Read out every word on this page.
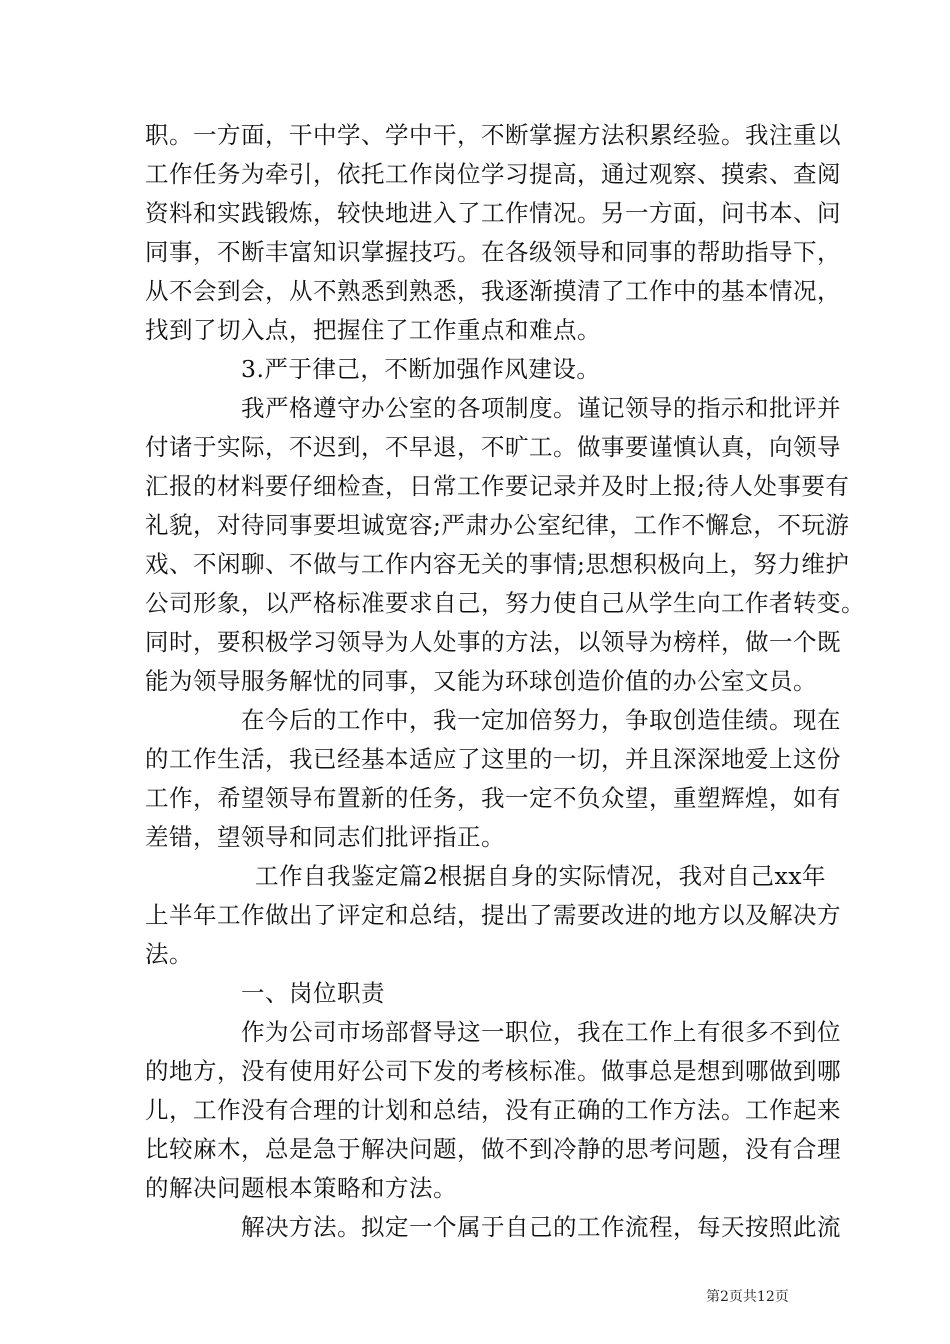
职。一方面，干中学、学中干，不断掌握方法积累经验。我注重以
工作任务为牵引，依托工作岗位学习提高，通过观察、摸索、查阅
资料和实践锻炼，较快地进入了工作情况。另一方面，问书本、问
同事，不断丰富知识掌握技巧。在各级领导和同事的帮助指导下，
从不会到会，从不熟悉到熟悉，我逐渐摸清了工作中的基本情况，
找到了切入点，把握住了工作重点和难点。
3.严于律己，不断加强作风建设。
我严格遵守办公室的各项制度。谨记领导的指示和批评并
付诸于实际，不迟到，不早退，不旷工。做事要谨慎认真，向领导
汇报的材料要仔细检查，日常工作要记录并及时上报;待人处事要有
礼貌，对待同事要坦诚宽容;严肃办公室纪律，工作不懈怠，不玩游
戏、不闲聊、不做与工作内容无关的事情;思想积极向上，努力维护
公司形象，以严格标准要求自己，努力使自己从学生向工作者转变。
同时，要积极学习领导为人处事的方法，以领导为榜样，做一个既
能为领导服务解忧的同事，又能为环球创造价值的办公室文员。
在今后的工作中，我一定加倍努力，争取创造佳绩。现在
的工作生活，我已经基本适应了这里的一切，并且深深地爱上这份
工作，希望领导布置新的任务，我一定不负众望，重塑辉煌，如有
差错，望领导和同志们批评指正。
工作自我鉴定篇2根据自身的实际情况，我对自己xx年
上半年工作做出了评定和总结，提出了需要改进的地方以及解决方
法。
一、岗位职责
作为公司市场部督导这一职位，我在工作上有很多不到位
的地方，没有使用好公司下发的考核标准。做事总是想到哪做到哪
儿，工作没有合理的计划和总结，没有正确的工作方法。工作起来
比较麻木，总是急于解决问题，做不到冷静的思考问题，没有合理
的解决问题根本策略和方法。
解决方法。拟定一个属于自己的工作流程，每天按照此流
第2页共12页
